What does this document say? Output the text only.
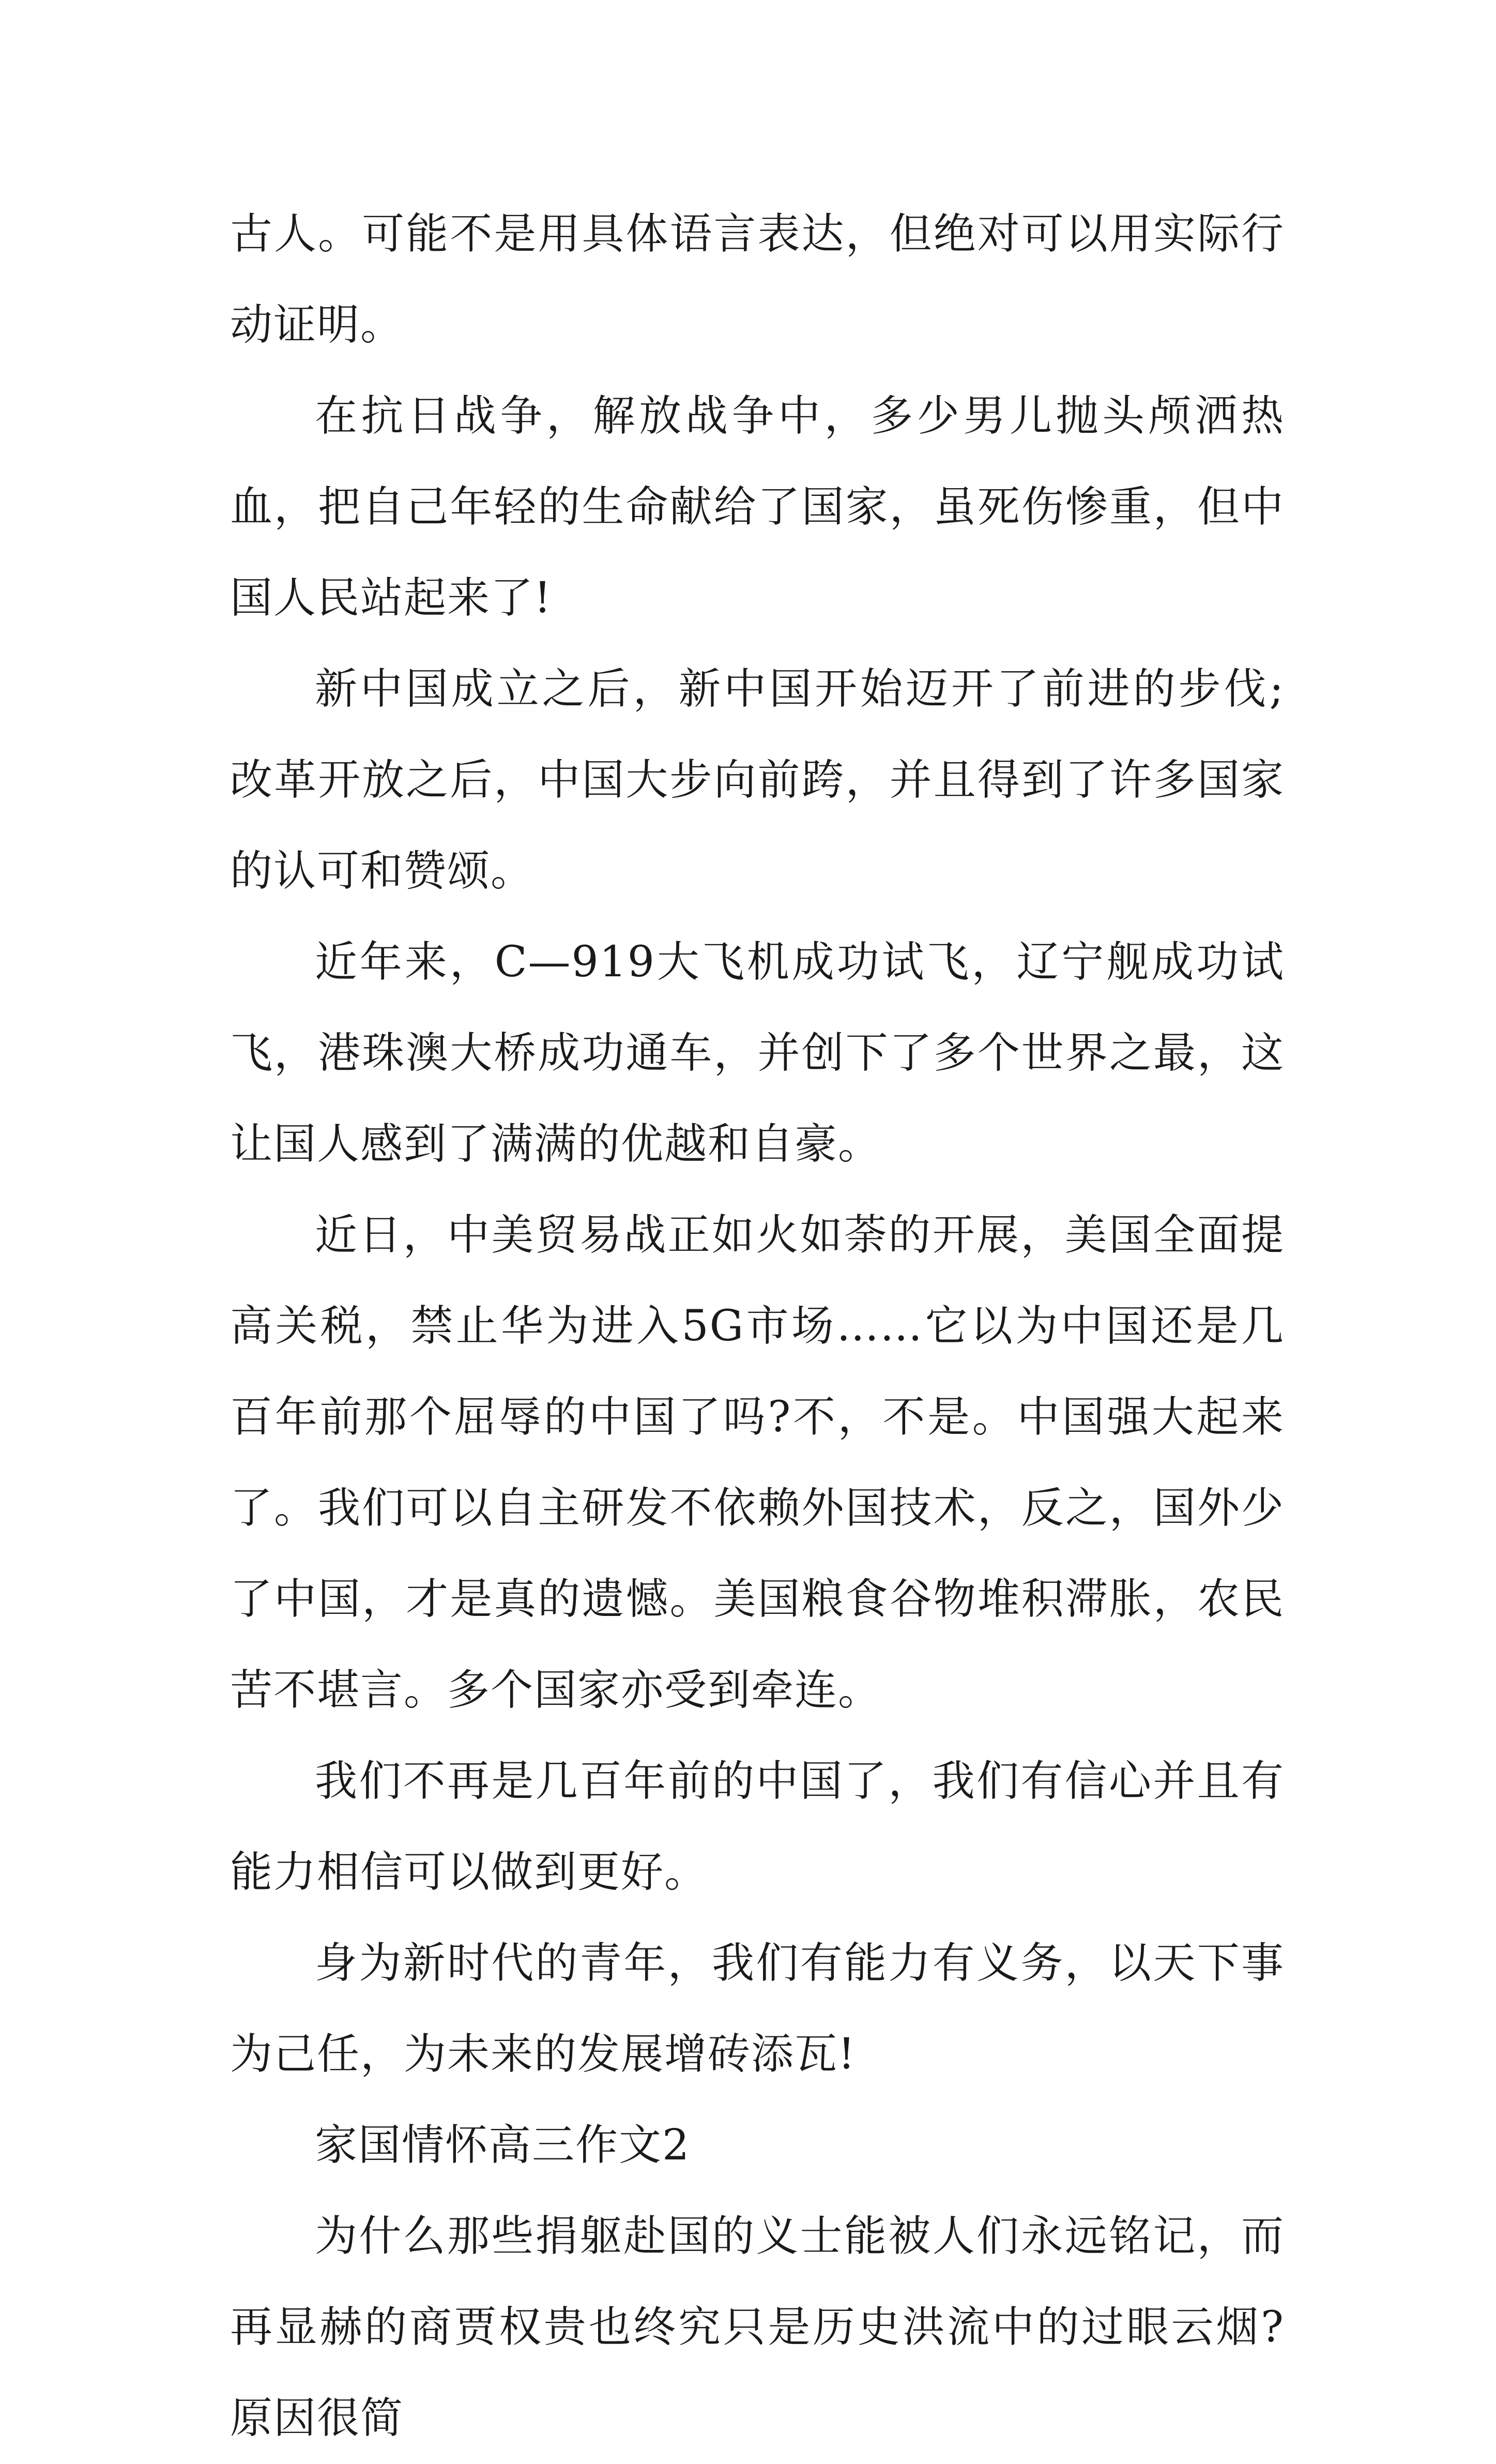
古人。可能不是用具体语言表达，但绝对可以用实际行动证明。

在抗日战争，解放战争中，多少男儿抛头颅洒热血，把自己年轻的生命献给了国家，虽死伤惨重，但中国人民站起来了!

新中国成立之后，新中国开始迈开了前进的步伐;改革开放之后，中国大步向前跨，并且得到了许多国家的认可和赞颂。

近年来，C—919大飞机成功试飞，辽宁舰成功试飞，港珠澳大桥成功通车，并创下了多个世界之最，这让国人感到了满满的优越和自豪。

近日，中美贸易战正如火如荼的开展，美国全面提高关税，禁止华为进入5G市场……它以为中国还是几百年前那个屈辱的中国了吗?不，不是。中国强大起来了。我们可以自主研发不依赖外国技术，反之，国外少了中国，才是真的遗憾。美国粮食谷物堆积滞胀，农民苦不堪言。多个国家亦受到牵连。

我们不再是几百年前的中国了，我们有信心并且有能力相信可以做到更好。

身为新时代的青年，我们有能力有义务，以天下事为己任，为未来的发展增砖添瓦!

家国情怀高三作文2

为什么那些捐躯赴国的义士能被人们永远铭记，而再显赫的商贾权贵也终究只是历史洪流中的过眼云烟?原因很简
